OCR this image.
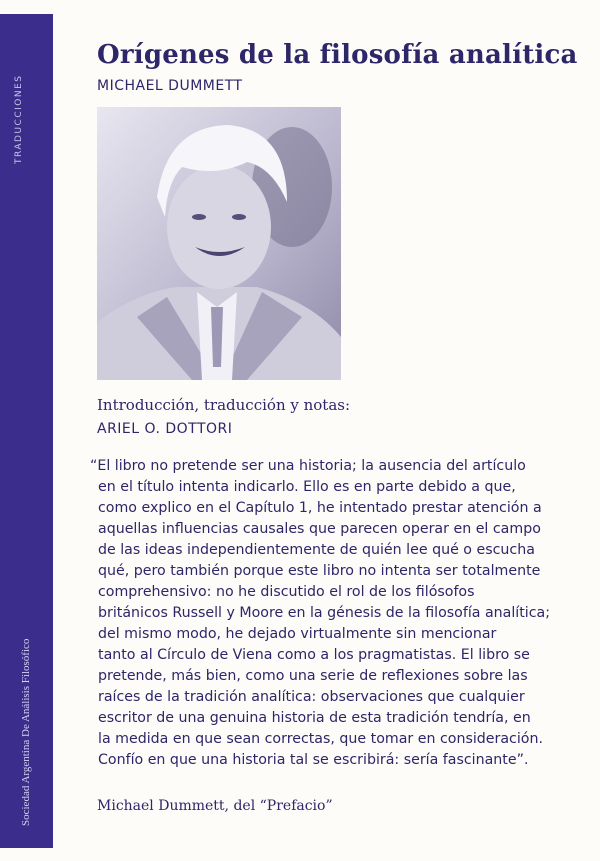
TRADUCCIONES
Sociedad Argentina De Análisis Filosófico
Orígenes de la filosofía analítica
MICHAEL DUMMETT
Introducción, traducción y notas:
ARIEL O. DOTTORI
“El libro no pretende ser una historia; la ausencia del artículo
en el título intenta indicarlo. Ello es en parte debido a que,
como explico en el Capítulo 1, he intentado prestar atención a
aquellas influencias causales que parecen operar en el campo
de las ideas independientemente de quién lee qué o escucha
qué, pero también porque este libro no intenta ser totalmente
comprehensivo: no he discutido el rol de los filósofos
británicos Russell y Moore en la génesis de la filosofía analítica;
del mismo modo, he dejado virtualmente sin mencionar
tanto al Círculo de Viena como a los pragmatistas. El libro se
pretende, más bien, como una serie de reflexiones sobre las
raíces de la tradición analítica: observaciones que cualquier
escritor de una genuina historia de esta tradición tendría, en
la medida en que sean correctas, que tomar en consideración.
Confío en que una historia tal se escribirá: sería fascinante”.
Michael Dummett, del “Prefacio”
